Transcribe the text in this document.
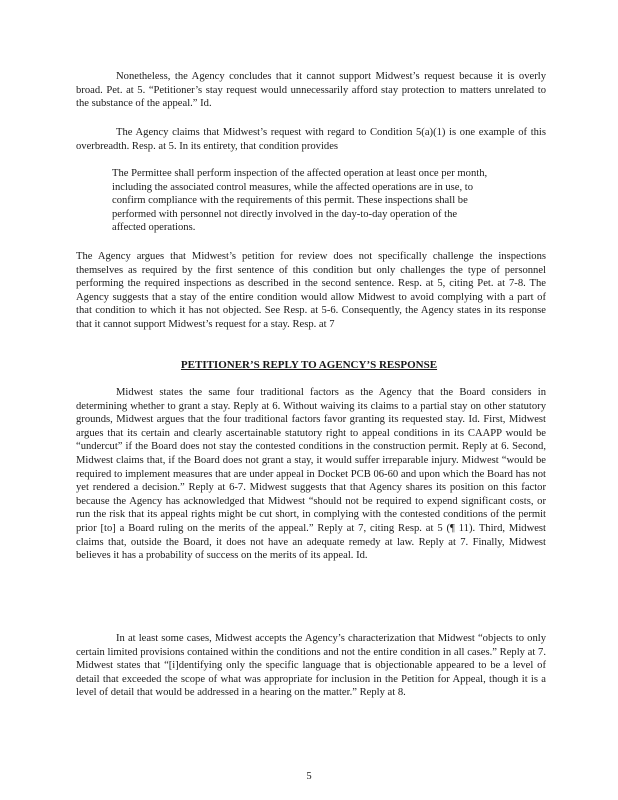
Nonetheless, the Agency concludes that it cannot support Midwest’s request because it is overly broad. Pet. at 5. “Petitioner’s stay request would unnecessarily afford stay protection to matters unrelated to the substance of the appeal.” Id.

The Agency claims that Midwest’s request with regard to Condition 5(a)(1) is one example of this overbreadth. Resp. at 5. In its entirety, that condition provides

The Permittee shall perform inspection of the affected operation at least once per month, including the associated control measures, while the affected operations are in use, to confirm compliance with the requirements of this permit. These inspections shall be performed with personnel not directly involved in the day-to-day operation of the affected operations.

The Agency argues that Midwest’s petition for review does not specifically challenge the inspections themselves as required by the first sentence of this condition but only challenges the type of personnel performing the required inspections as described in the second sentence. Resp. at 5, citing Pet. at 7-8. The Agency suggests that a stay of the entire condition would allow Midwest to avoid complying with a part of that condition to which it has not objected. See Resp. at 5-6. Consequently, the Agency states in its response that it cannot support Midwest’s request for a stay. Resp. at 7

PETITIONER’S REPLY TO AGENCY’S RESPONSE

Midwest states the same four traditional factors as the Agency that the Board considers in determining whether to grant a stay. Reply at 6. Without waiving its claims to a partial stay on other statutory grounds, Midwest argues that the four traditional factors favor granting its requested stay. Id. First, Midwest argues that its certain and clearly ascertainable statutory right to appeal conditions in its CAAPP would be “undercut” if the Board does not stay the contested conditions in the construction permit. Reply at 6. Second, Midwest claims that, if the Board does not grant a stay, it would suffer irreparable injury. Midwest “would be required to implement measures that are under appeal in Docket PCB 06-60 and upon which the Board has not yet rendered a decision.” Reply at 6-7. Midwest suggests that that Agency shares its position on this factor because the Agency has acknowledged that Midwest “should not be required to expend significant costs, or run the risk that its appeal rights might be cut short, in complying with the contested conditions of the permit prior [to] a Board ruling on the merits of the appeal.” Reply at 7, citing Resp. at 5 (¶ 11). Third, Midwest claims that, outside the Board, it does not have an adequate remedy at law. Reply at 7. Finally, Midwest believes it has a probability of success on the merits of its appeal. Id.

In at least some cases, Midwest accepts the Agency’s characterization that Midwest “objects to only certain limited provisions contained within the conditions and not the entire condition in all cases.” Reply at 7. Midwest states that “[i]dentifying only the specific language that is objectionable appeared to be a level of detail that exceeded the scope of what was appropriate for inclusion in the Petition for Appeal, though it is a level of detail that would be addressed in a hearing on the matter.” Reply at 8.

5
